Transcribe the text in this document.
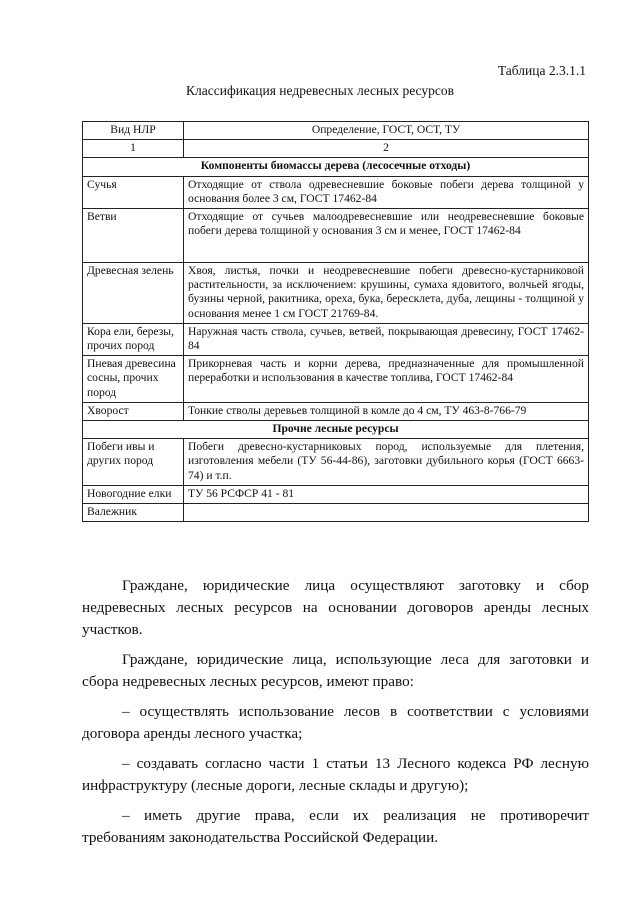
Таблица 2.3.1.1
Классификация недревесных лесных ресурсов
Вид НЛР	Определение, ГОСТ, ОСТ, ТУ
1	2
Компоненты биомассы дерева (лесосечные отходы)	
Сучья	Отходящие от ствола одревесневшие боковые побеги дерева толщиной у основания более 3 см, ГОСТ 17462-84
Ветви	Отходящие от сучьев малоодревесневшие или неодревесневшие боковые побеги дерева толщиной у основания 3 см и менее, ГОСТ 17462-84
Древесная зелень	Хвоя, листья, почки и неодревесневшие побеги древесно-кустарниковой растительности, за исключением: крушины, сумаха ядовитого, волчьей ягоды, бузины черной, ракитника, ореха, бука, бересклета, дуба, лещины - толщиной у основания менее 1 см ГОСТ 21769-84.
Кора ели, березы, прочих пород	Наружная часть ствола, сучьев, ветвей, покрывающая древесину, ГОСТ 17462-84
Пневая древесина сосны, прочих пород	Прикорневая часть и корни дерева, предназначенные для промышленной переработки и использования в качестве топлива, ГОСТ 17462-84
Хворост	Тонкие стволы деревьев толщиной в комле до 4 см, ТУ 463-8-766-79
Прочие лесные ресурсы	
Побеги ивы и других пород	Побеги древесно-кустарниковых пород, используемые для плетения, изготовления мебели (ТУ 56-44-86), заготовки дубильного корья (ГОСТ 6663-74) и т.п.
Новогодние елки	ТУ 56 РСФСР 41 - 81
Валежник	

Граждане, юридические лица осуществляют заготовку и сбор недревесных лесных ресурсов на основании договоров аренды лесных участков.

Граждане, юридические лица, использующие леса для заготовки и сбора недревесных лесных ресурсов, имеют право:

– осуществлять использование лесов в соответствии с условиями договора аренды лесного участка;

– создавать согласно части 1 статьи 13 Лесного кодекса РФ лесную инфраструктуру (лесные дороги, лесные склады и другую);

– иметь другие права, если их реализация не противоречит требованиям законодательства Российской Федерации.
